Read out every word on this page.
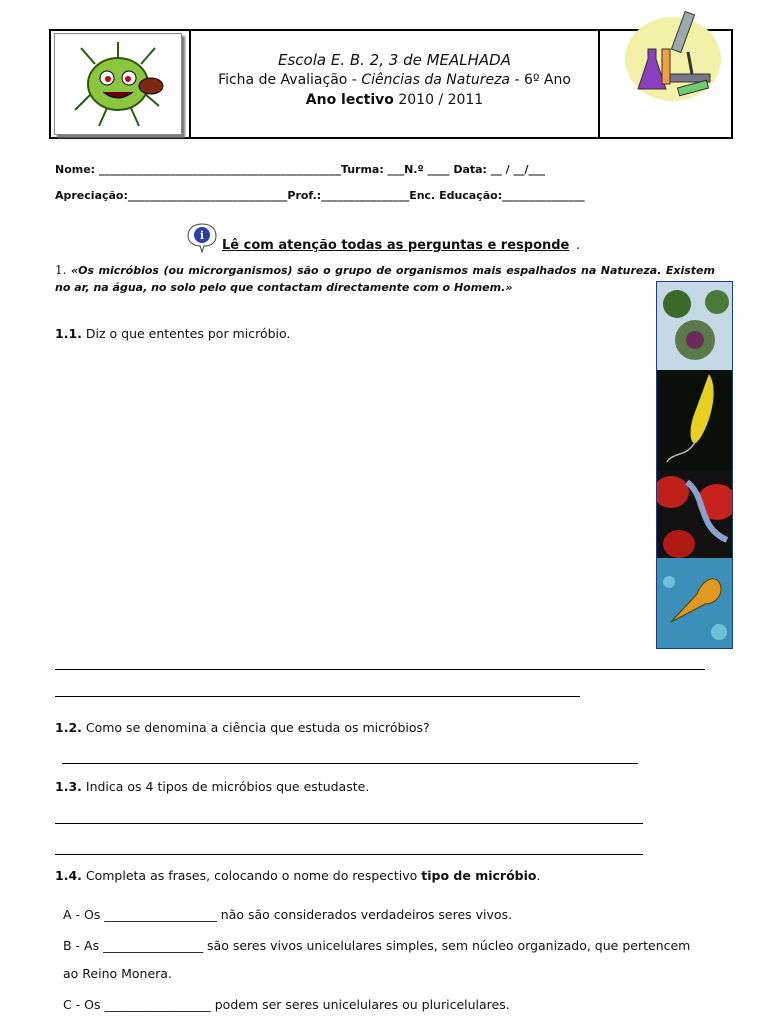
Escola E. B. 2, 3 de MEALHADA
Ficha de Avaliação - Ciências da Natureza - 6º Ano
Ano lectivo 2010 / 2011
Nome: ____________________________________________Turma: ___N.º ____ Data: __ / __/___
Apreciação:_____________________________Prof.:________________Enc. Educação:_______________
i
Lê com atenção todas as perguntas e responde .
1. «Os micróbios (ou microrganismos) são o grupo de organismos mais espalhados na Natureza. Existem no ar, na água, no solo pelo que contactam directamente com o Homem.»
1.1. Diz o que ententes por micróbio.
1.2. Como se denomina a ciência que estuda os micróbios?
1.3. Indica os 4 tipos de micróbios que estudaste.
1.4. Completa as frases, colocando o nome do respectivo tipo de micróbio.
A - Os __________________ não são considerados verdadeiros seres vivos.
B - As ________________ são seres vivos unicelulares simples, sem núcleo organizado, que pertencem
ao Reino Monera.
C - Os _________________ podem ser seres unicelulares ou pluricelulares.
